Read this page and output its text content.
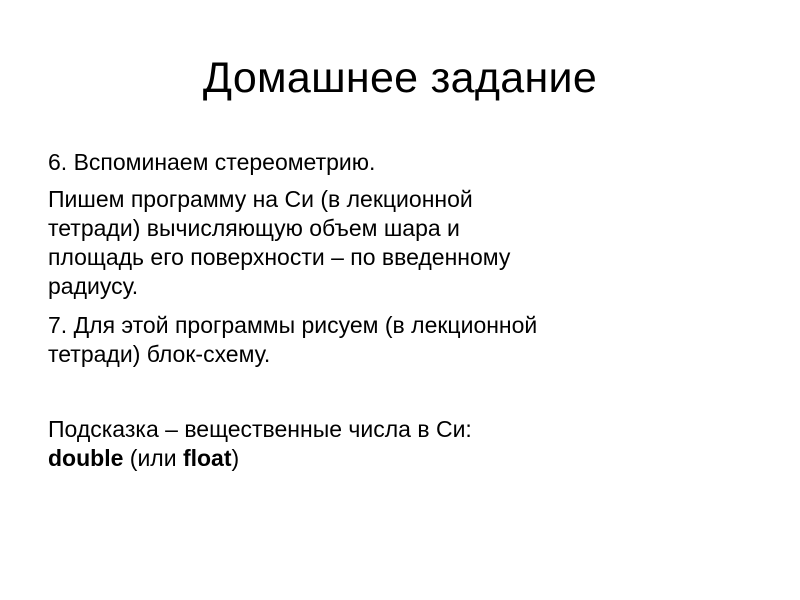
Домашнее задание
6. Вспоминаем стереометрию.
Пишем программу на Си (в лекционной
тетради) вычисляющую объем шара и
площадь его поверхности – по введенному
радиусу.
7. Для этой программы рисуем (в лекционной
тетради) блок-схему.
Подсказка – вещественные числа в Си:
double (или float)
